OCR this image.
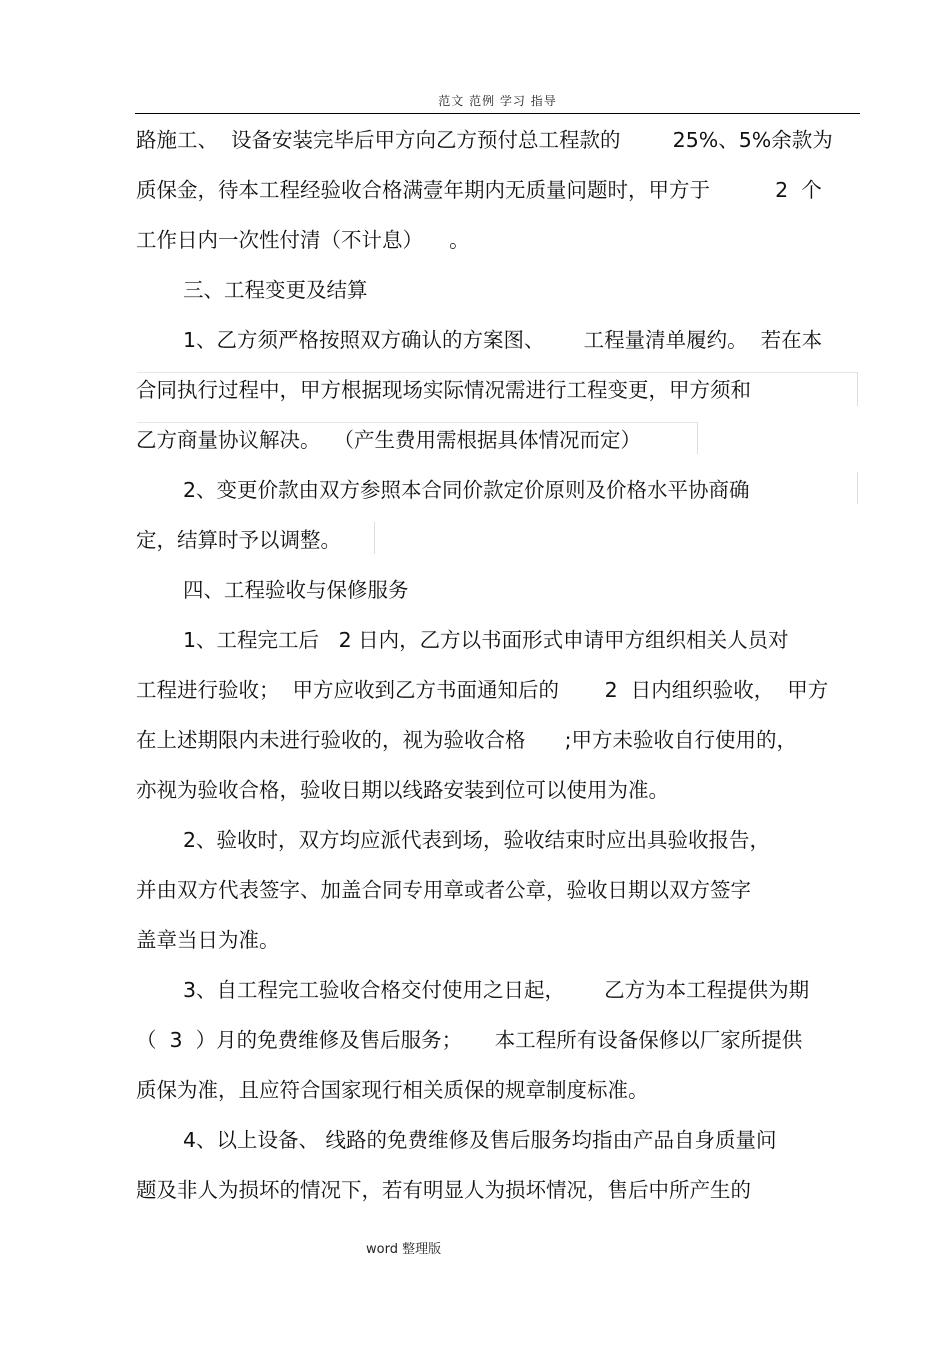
范文 范例 学习 指导
路施工、  设备安装完毕后甲方向乙方预付总工程款的        25%、5%余款为
质保金，待本工程经验收合格满壹年期内无质量问题时，甲方于          2  个
工作日内一次性付清（不计息）    。
三、工程变更及结算
1、乙方须严格按照双方确认的方案图、      工程量清单履约。  若在本
合同执行过程中，甲方根据现场实际情况需进行工程变更，甲方须和
乙方商量协议解决。  （产生费用需根据具体情况而定）
2、变更价款由双方参照本合同价款定价原则及价格水平协商确
定，结算时予以调整。
四、工程验收与保修服务
1、工程完工后   2 日内，乙方以书面形式申请甲方组织相关人员对
工程进行验收；  甲方应收到乙方书面通知后的       2  日内组织验收，  甲方
在上述期限内未进行验收的，视为验收合格      ;甲方未验收自行使用的，
亦视为验收合格，验收日期以线路安装到位可以使用为准。
2、验收时，双方均应派代表到场，验收结束时应出具验收报告，
并由双方代表签字、加盖合同专用章或者公章，验收日期以双方签字
盖章当日为准。
3、自工程完工验收合格交付使用之日起，      乙方为本工程提供为期
（  3  ）月的免费维修及售后服务；     本工程所有设备保修以厂家所提供
质保为准，且应符合国家现行相关质保的规章制度标准。
4、以上设备、 线路的免费维修及售后服务均指由产品自身质量问
题及非人为损坏的情况下，若有明显人为损坏情况，售后中所产生的
word 整理版
